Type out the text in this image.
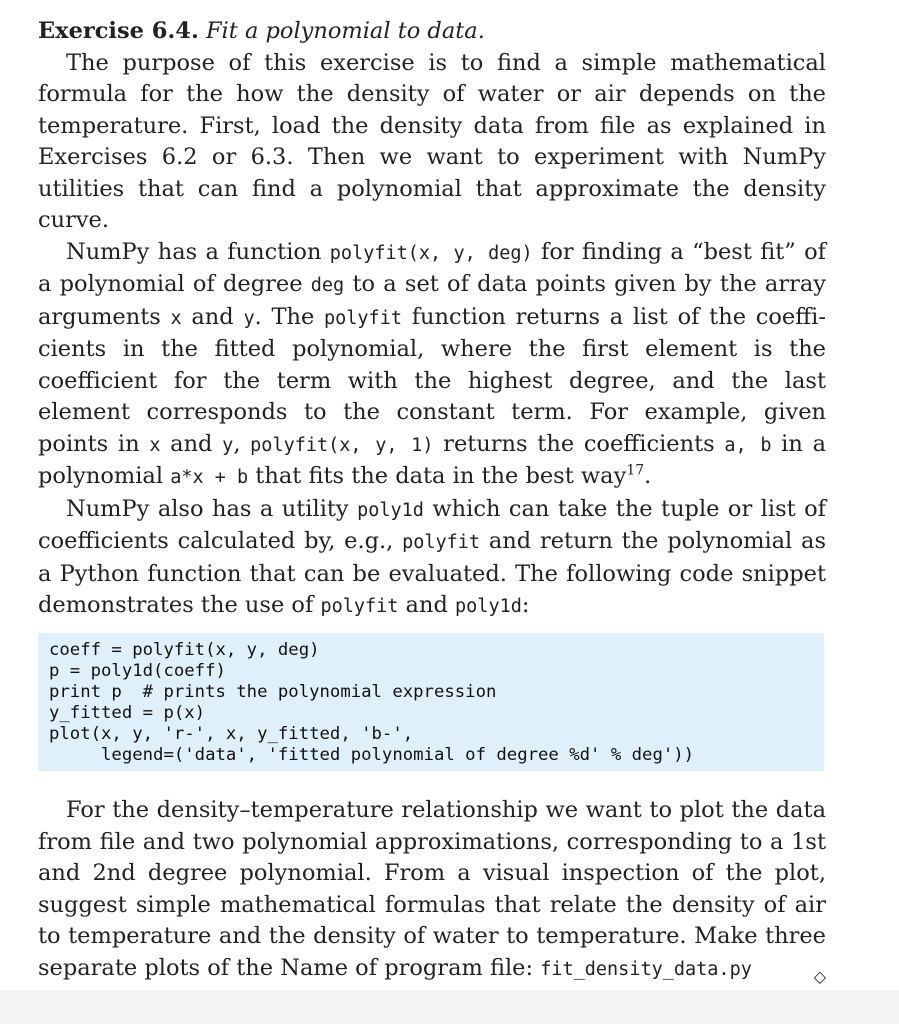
Exercise 6.4. Fit a polynomial to data.

The purpose of this exercise is to find a simple mathematical formula for the how the density of water or air depends on the temperature. First, load the density data from file as explained in Exercises 6.2 or 6.3. Then we want to experiment with NumPy utilities that can find a polynomial that approximate the density curve.

NumPy has a function polyfit(x, y, deg) for finding a “best fit” of a polynomial of degree deg to a set of data points given by the array arguments x and y. The polyfit function returns a list of the coefficients in the fitted polynomial, where the first element is the coefficient for the term with the highest degree, and the last element corresponds to the constant term. For example, given points in x and y, polyfit(x, y, 1) returns the coefficients a, b in a polynomial a*x + b that fits the data in the best way$^{17}$.

NumPy also has a utility poly1d which can take the tuple or list of coefficients calculated by, e.g., polyfit and return the polynomial as a Python function that can be evaluated. The following code snippet demonstrates the use of polyfit and poly1d:

coeff = polyfit(x, y, deg)
p = poly1d(coeff)
print p  # prints the polynomial expression
y_fitted = p(x)
plot(x, y, 'r-', x, y_fitted, 'b-',
legend=('data', 'fitted polynomial of degree %d' % deg'))

For the density–temperature relationship we want to plot the data from file and two polynomial approximations, corresponding to a 1st and 2nd degree polynomial. From a visual inspection of the plot, suggest simple mathematical formulas that relate the density of air to temperature and the density of water to temperature. Make three separate plots of the Name of program file: fit_density_data.py	◇
